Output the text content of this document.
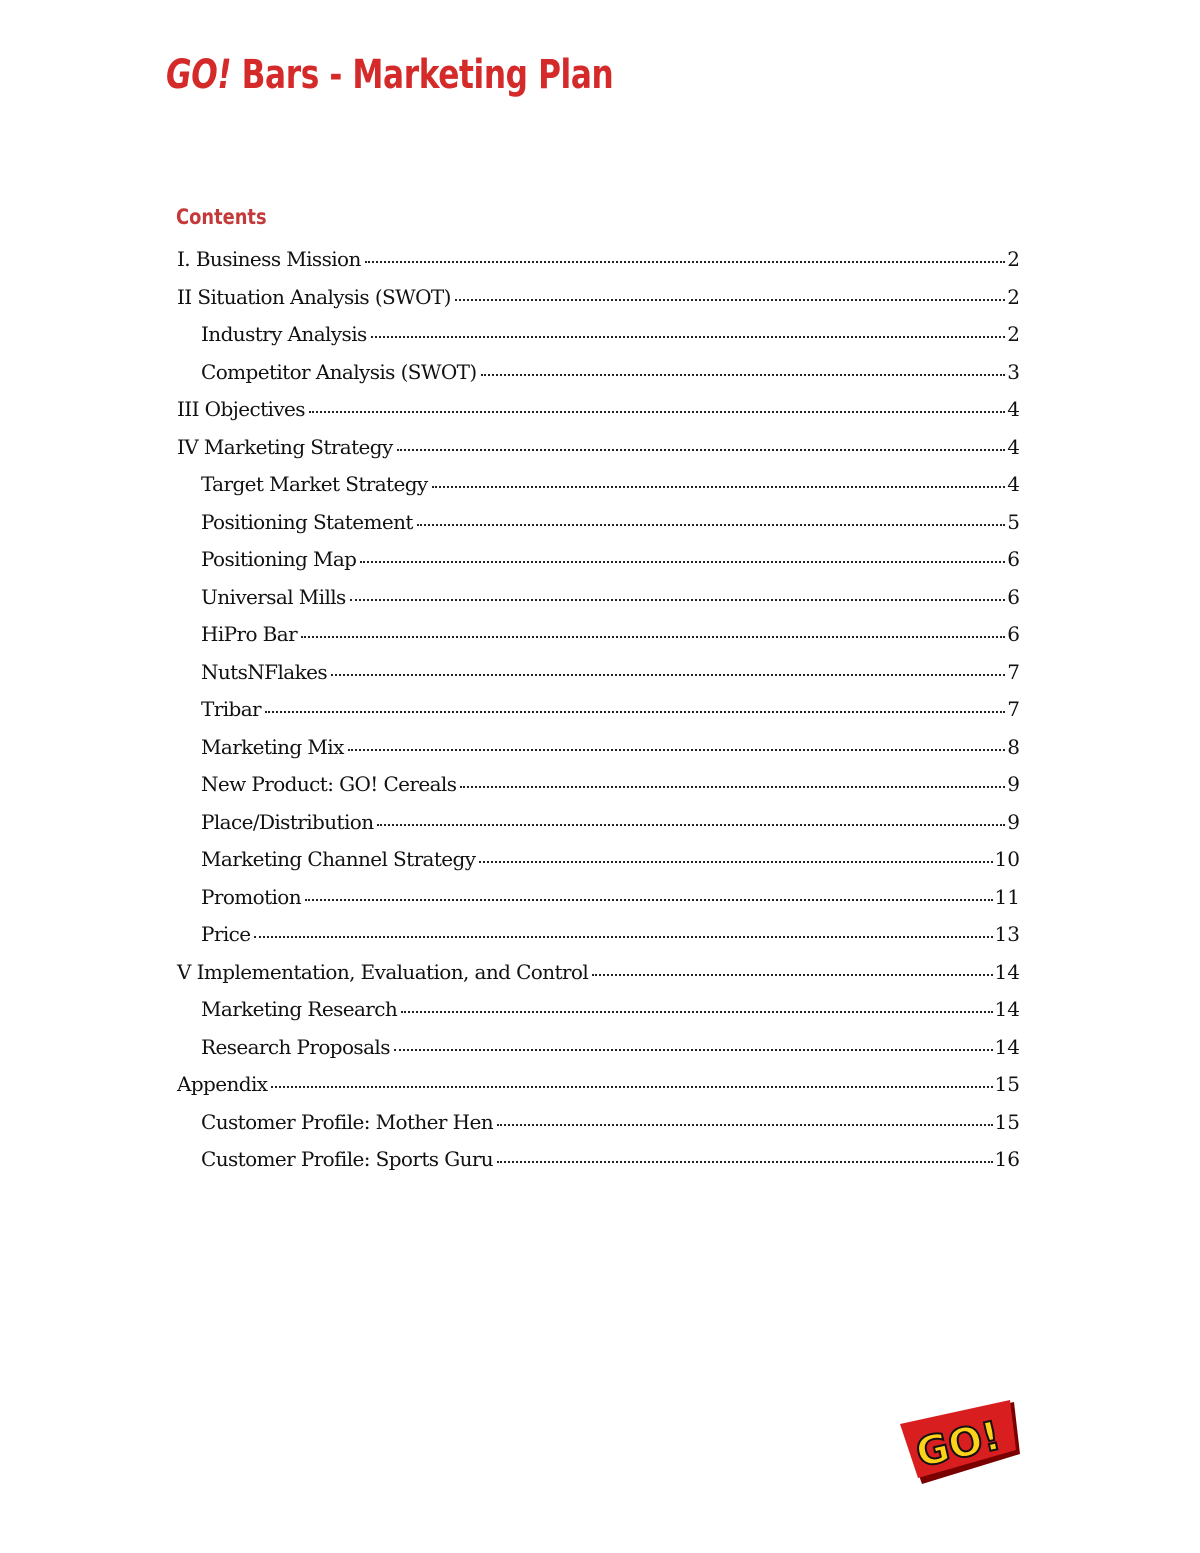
GO! Bars - Marketing Plan
Contents
I. Business Mission	2
II Situation Analysis (SWOT)	2
Industry Analysis	2
Competitor Analysis (SWOT)	3
III Objectives	4
IV Marketing Strategy	4
Target Market Strategy	4
Positioning Statement	5
Positioning Map	6
Universal Mills	6
HiPro Bar	6
NutsNFlakes	7
Tribar	7
Marketing Mix	8
New Product: GO! Cereals	9
Place/Distribution	9
Marketing Channel Strategy	10
Promotion	11
Price	13
V Implementation, Evaluation, and Control	14
Marketing Research	14
Research Proposals	14
Appendix	15
Customer Profile: Mother Hen	15
Customer Profile: Sports Guru	16
GO!
